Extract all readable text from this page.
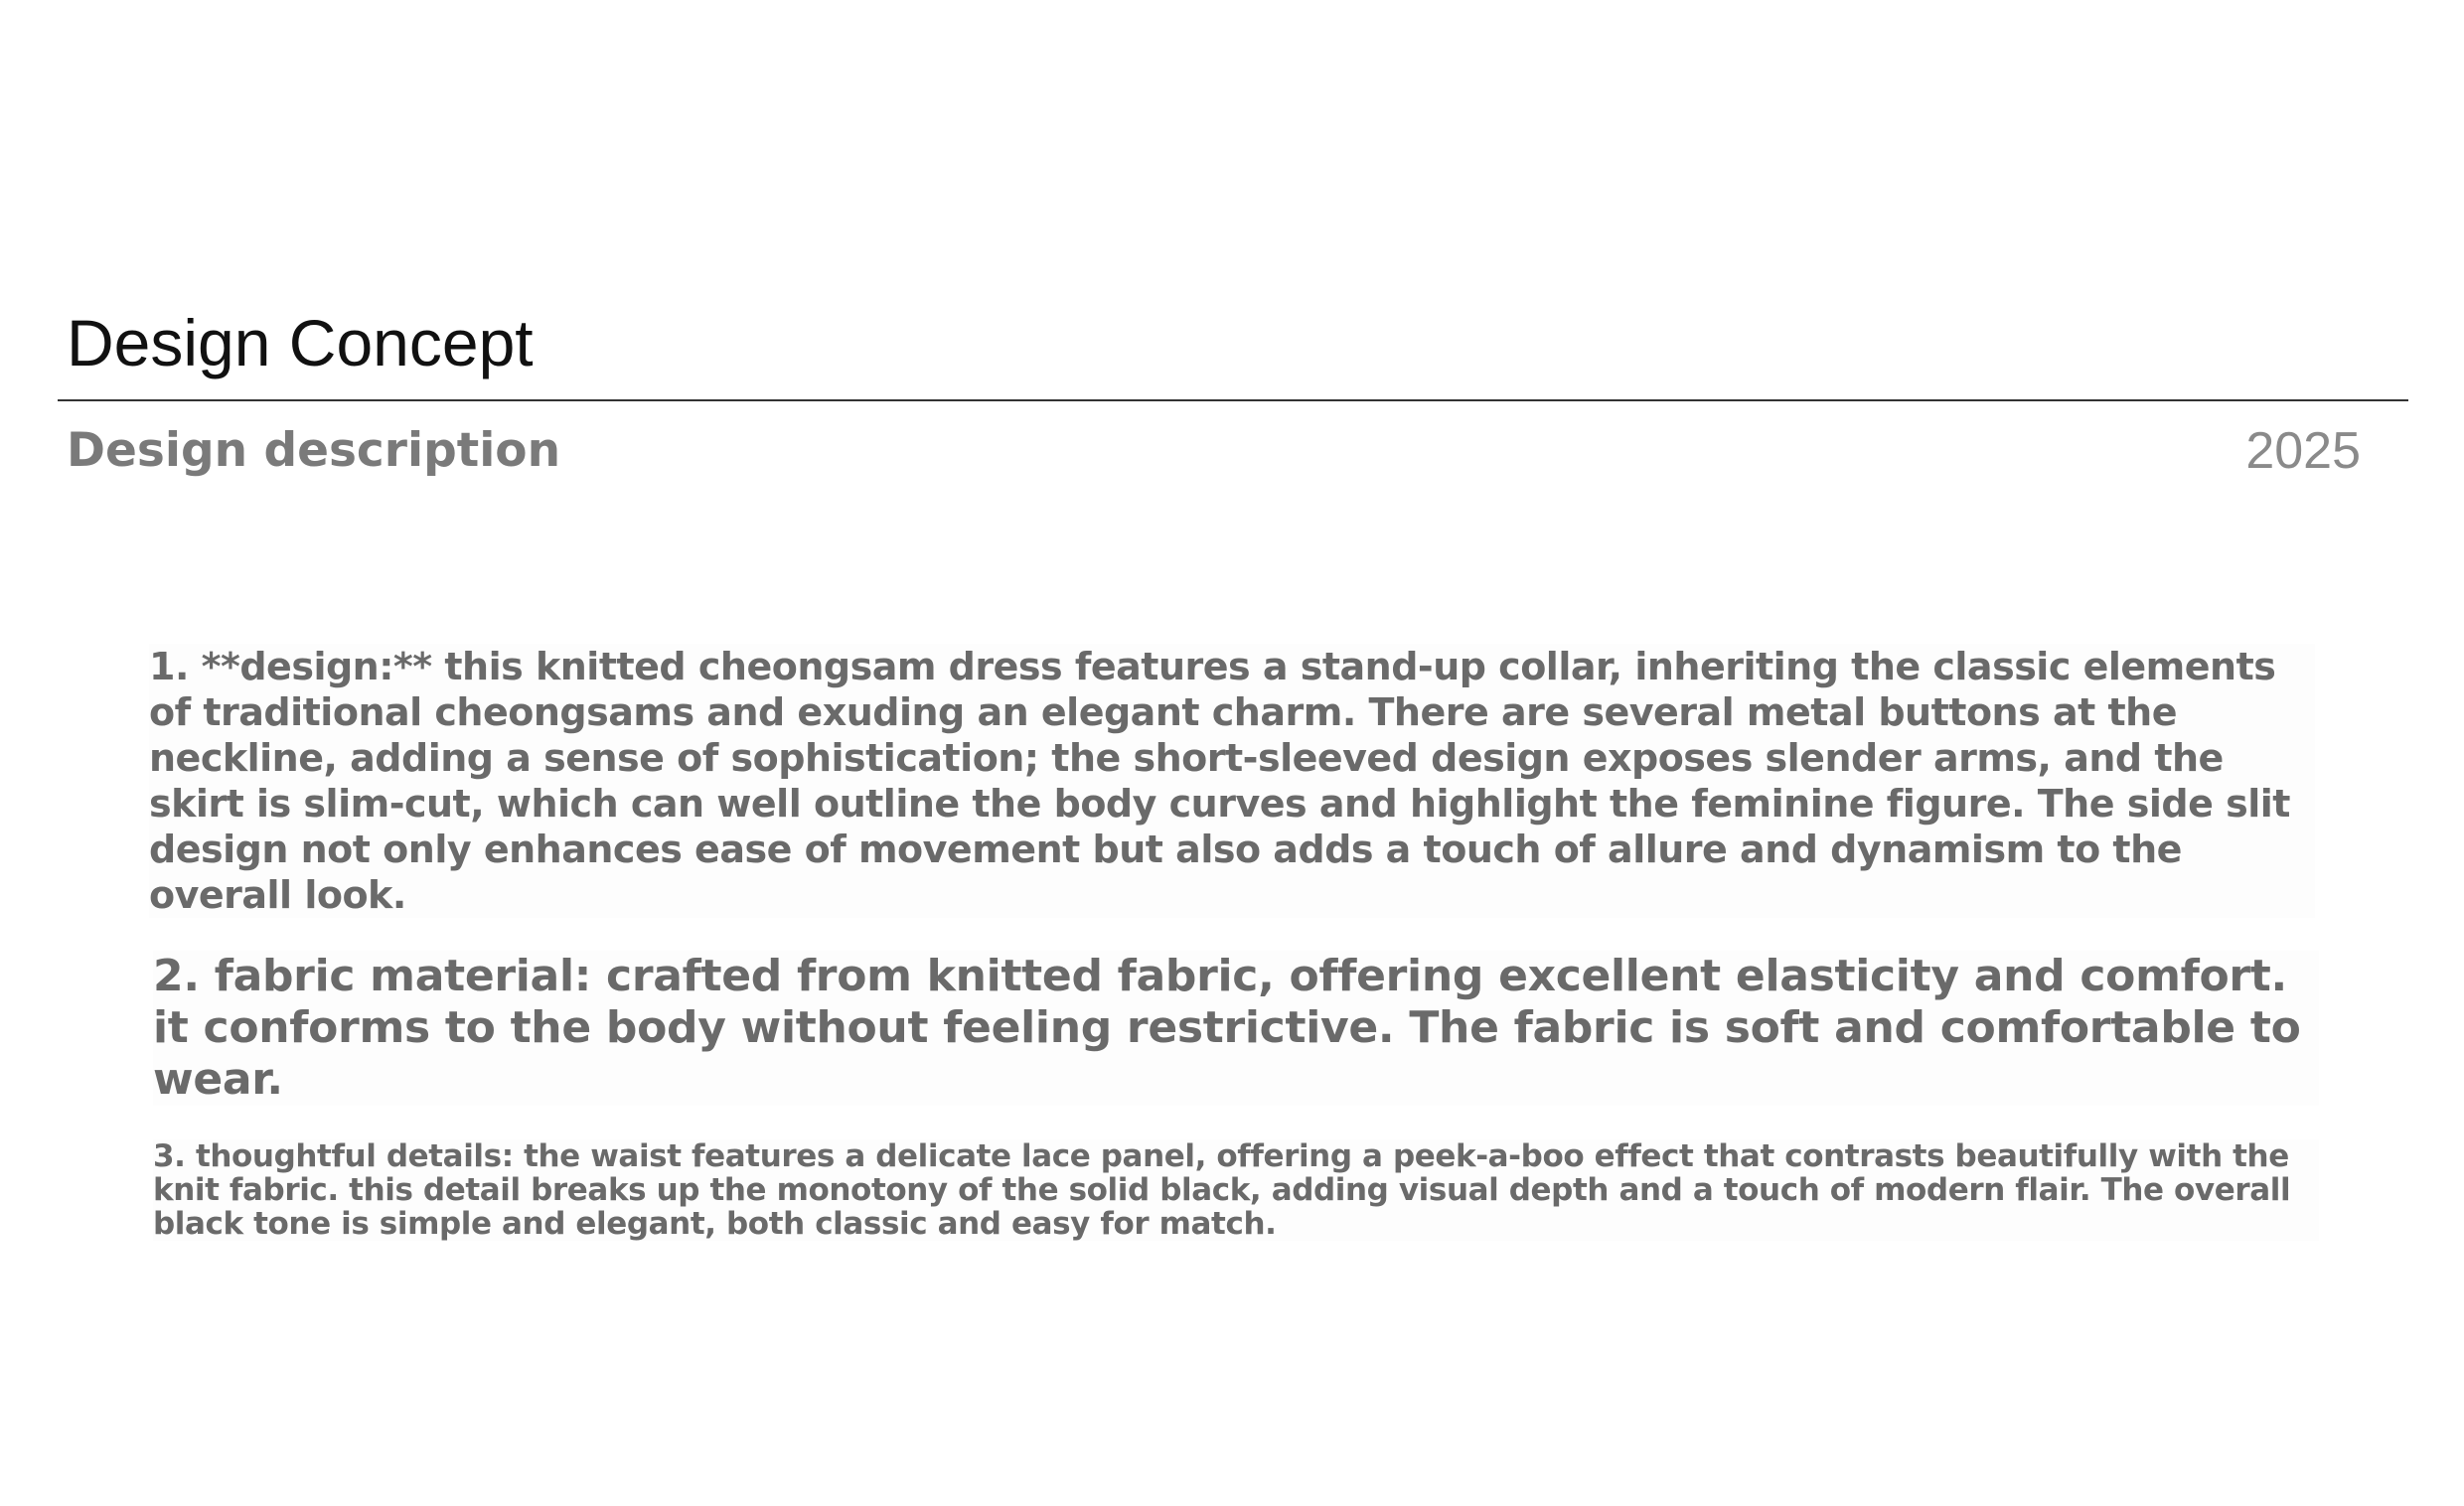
Design Concept
Design description	2025

1. **design:** this knitted cheongsam dress features a stand-up collar, inheriting the classic elements of traditional cheongsams and exuding an elegant charm. There are several metal buttons at the neckline, adding a sense of sophistication; the short-sleeved design exposes slender arms, and the skirt is slim-cut, which can well outline the body curves and highlight the feminine figure. The side slit design not only enhances ease of movement but also adds a touch of allure and dynamism to the overall look.

2. fabric material: crafted from knitted fabric, offering excellent elasticity and comfort. it conforms to the body without feeling restrictive. The fabric is soft and comfortable to wear.

3. thoughtful details: the waist features a delicate lace panel, offering a peek-a-boo effect that contrasts beautifully with the knit fabric. this detail breaks up the monotony of the solid black, adding visual depth and a touch of modern flair. The overall black tone is simple and elegant, both classic and easy for match.
